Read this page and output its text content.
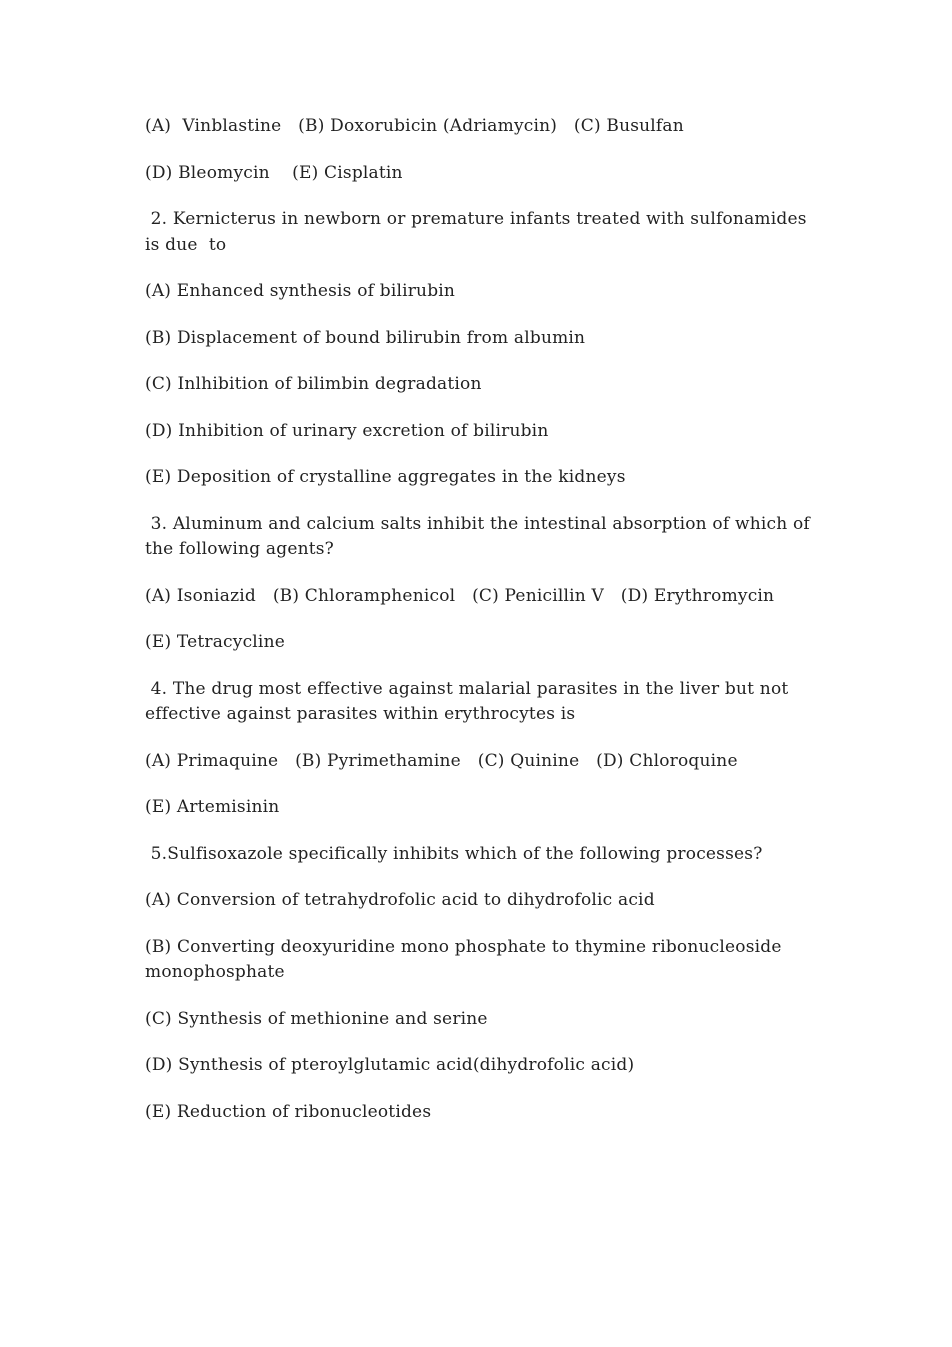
(A)  Vinblastine   (B) Doxorubicin (Adriamycin)   (C) Busulfan

(D) Bleomycin    (E) Cisplatin

2. Kernicterus in newborn or premature infants treated with sulfonamides is due  to

(A) Enhanced synthesis of bilirubin

(B) Displacement of bound bilirubin from albumin

(C) Inlhibition of bilimbin degradation

(D) Inhibition of urinary excretion of bilirubin

(E) Deposition of crystalline aggregates in the kidneys

3. Aluminum and calcium salts inhibit the intestinal absorption of which of the following agents?

(A) Isoniazid   (B) Chloramphenicol   (C) Penicillin V   (D) Erythromycin

(E) Tetracycline

4. The drug most effective against malarial parasites in the liver but not effective against parasites within erythrocytes is

(A) Primaquine   (B) Pyrimethamine   (C) Quinine   (D) Chloroquine

(E) Artemisinin

5.Sulfisoxazole specifically inhibits which of the following processes?

(A) Conversion of tetrahydrofolic acid to dihydrofolic acid

(B) Converting deoxyuridine mono phosphate to thymine ribonucleoside monophosphate

(C) Synthesis of methionine and serine

(D) Synthesis of pteroylglutamic acid(dihydrofolic acid)

(E) Reduction of ribonucleotides
